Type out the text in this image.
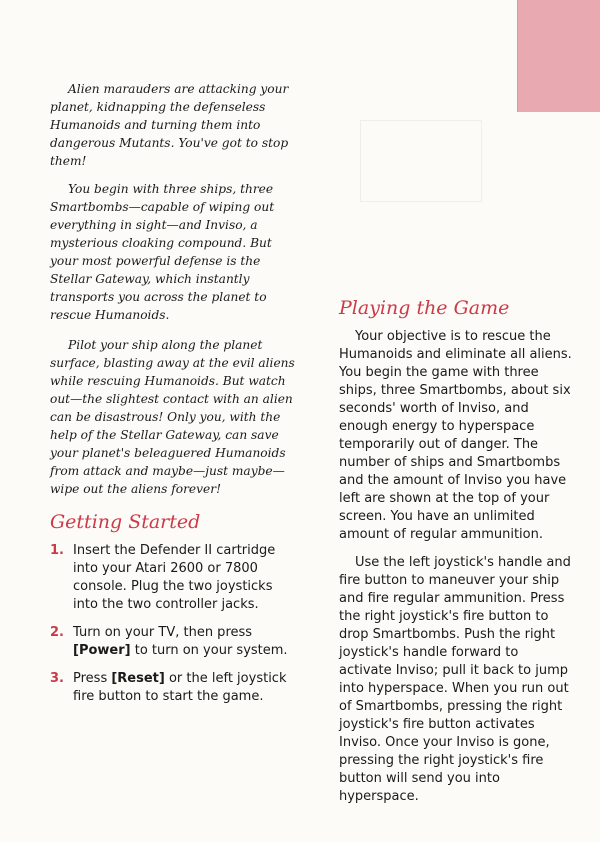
Alien marauders are attacking your planet, kidnapping the defenseless Humanoids and turning them into dangerous Mutants. You've got to stop them!

You begin with three ships, three Smartbombs—capable of wiping out everything in sight—and Inviso, a mysterious cloaking compound. But your most powerful defense is the Stellar Gateway, which instantly transports you across the planet to rescue Humanoids.

Pilot your ship along the planet surface, blasting away at the evil aliens while rescuing Humanoids. But watch out—the slightest contact with an alien can be disastrous! Only you, with the help of the Stellar Gateway, can save your planet's beleaguered Humanoids from attack and maybe—just maybe—wipe out the aliens forever!

Getting Started
1. Insert the Defender II cartridge into your Atari 2600 or 7800 console. Plug the two joysticks into the two controller jacks.
2. Turn on your TV, then press [Power] to turn on your system.
3. Press [Reset] or the left joystick fire button to start the game.
Playing the Game

Your objective is to rescue the Humanoids and eliminate all aliens. You begin the game with three ships, three Smartbombs, about six seconds' worth of Inviso, and enough energy to hyperspace temporarily out of danger. The number of ships and Smartbombs and the amount of Inviso you have left are shown at the top of your screen. You have an unlimited amount of regular ammunition.

Use the left joystick's handle and fire button to maneuver your ship and fire regular ammunition. Press the right joystick's fire button to drop Smartbombs. Push the right joystick's handle forward to activate Inviso; pull it back to jump into hyperspace. When you run out of Smartbombs, pressing the right joystick's fire button activates Inviso. Once your Inviso is gone, pressing the right joystick's fire button will send you into hyperspace.
